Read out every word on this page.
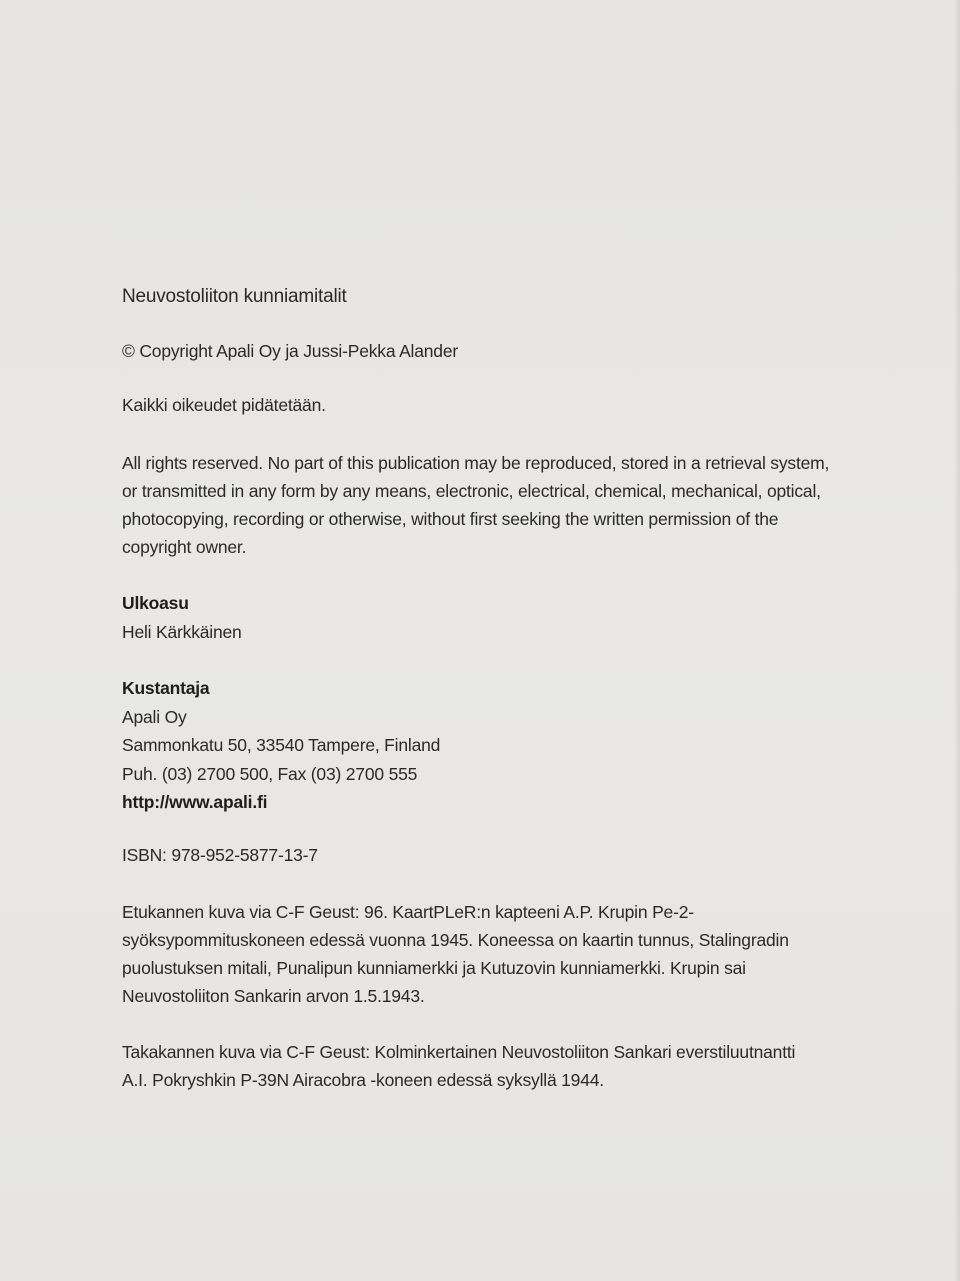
Neuvostoliiton kunniamitalit
© Copyright Apali Oy ja Jussi-Pekka Alander
Kaikki oikeudet pidätetään.
All rights reserved. No part of this publication may be reproduced, stored in a retrieval system,
or transmitted in any form by any means, electronic, electrical, chemical, mechanical, optical,
photocopying, recording or otherwise, without first seeking the written permission of the
copyright owner.
Ulkoasu
Heli Kärkkäinen
Kustantaja
Apali Oy
Sammonkatu 50, 33540 Tampere, Finland
Puh. (03) 2700 500, Fax (03) 2700 555
http://www.apali.fi
ISBN: 978-952-5877-13-7
Etukannen kuva via C-F Geust: 96. KaartPLeR:n kapteeni A.P. Krupin Pe-2-
syöksypommituskoneen edessä vuonna 1945. Koneessa on kaartin tunnus, Stalingradin
puolustuksen mitali, Punalipun kunniamerkki ja Kutuzovin kunniamerkki. Krupin sai
Neuvostoliiton Sankarin arvon 1.5.1943.
Takakannen kuva via C-F Geust: Kolminkertainen Neuvostoliiton Sankari everstiluutnantti
A.I. Pokryshkin P-39N Airacobra -koneen edessä syksyllä 1944.
